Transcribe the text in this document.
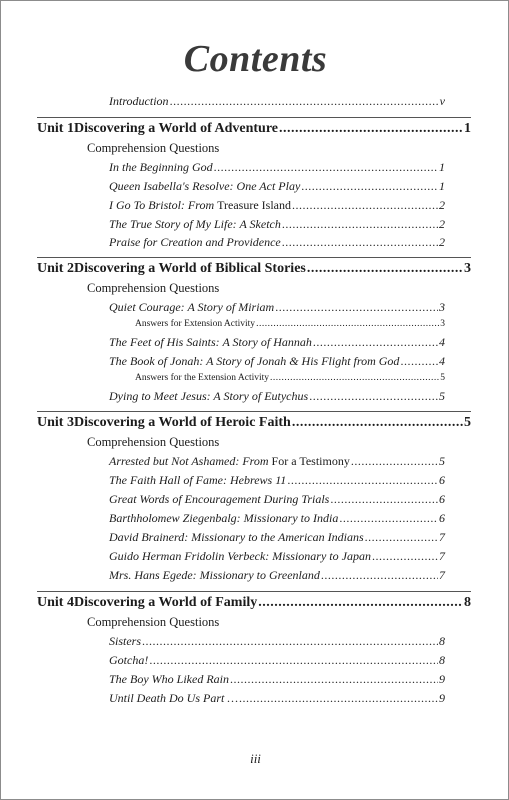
Contents
Introduction .....	v
Unit 1 Discovering a World of Adventure .....	1
Comprehension Questions
In the Beginning God .....	1
Queen Isabella's Resolve: One Act Play .....	1
I Go To Bristol: From
Treasure Island .....	2
The True Story of My Life: A Sketch .....	2
Praise for Creation and Providence .....	2
Unit 2 Discovering a World of Biblical Stories .....	3
Comprehension Questions
Quiet Courage: A Story of Miriam .....	3
Answers for Extension Activity .....	3
The Feet of His Saints: A Story of Hannah .....	4
The Book of Jonah: A Story of Jonah & His Flight from God .....	4
Answers for the Extension Activity .....	5
Dying to Meet Jesus: A Story of Eutychus .....	5
Unit 3 Discovering a World of Heroic Faith .....	5
Comprehension Questions
Arrested but Not Ashamed: From
For a Testimony .....	5
The Faith Hall of Fame: Hebrews 11 .....	6
Great Words of Encouragement During Trials .....	6
Barthholomew Ziegenbalg: Missionary to India .....	6
David Brainerd: Missionary to the American Indians .....	7
Guido Herman Fridolin Verbeck: Missionary to Japan .....	7
Mrs. Hans Egede: Missionary to Greenland .....	7
Unit 4 Discovering a World of Family .....	8
Comprehension Questions
Sisters .....	8
Gotcha! .....	8
The Boy Who Liked Rain .....	9
Until Death Do Us Part … .....	9
iii
